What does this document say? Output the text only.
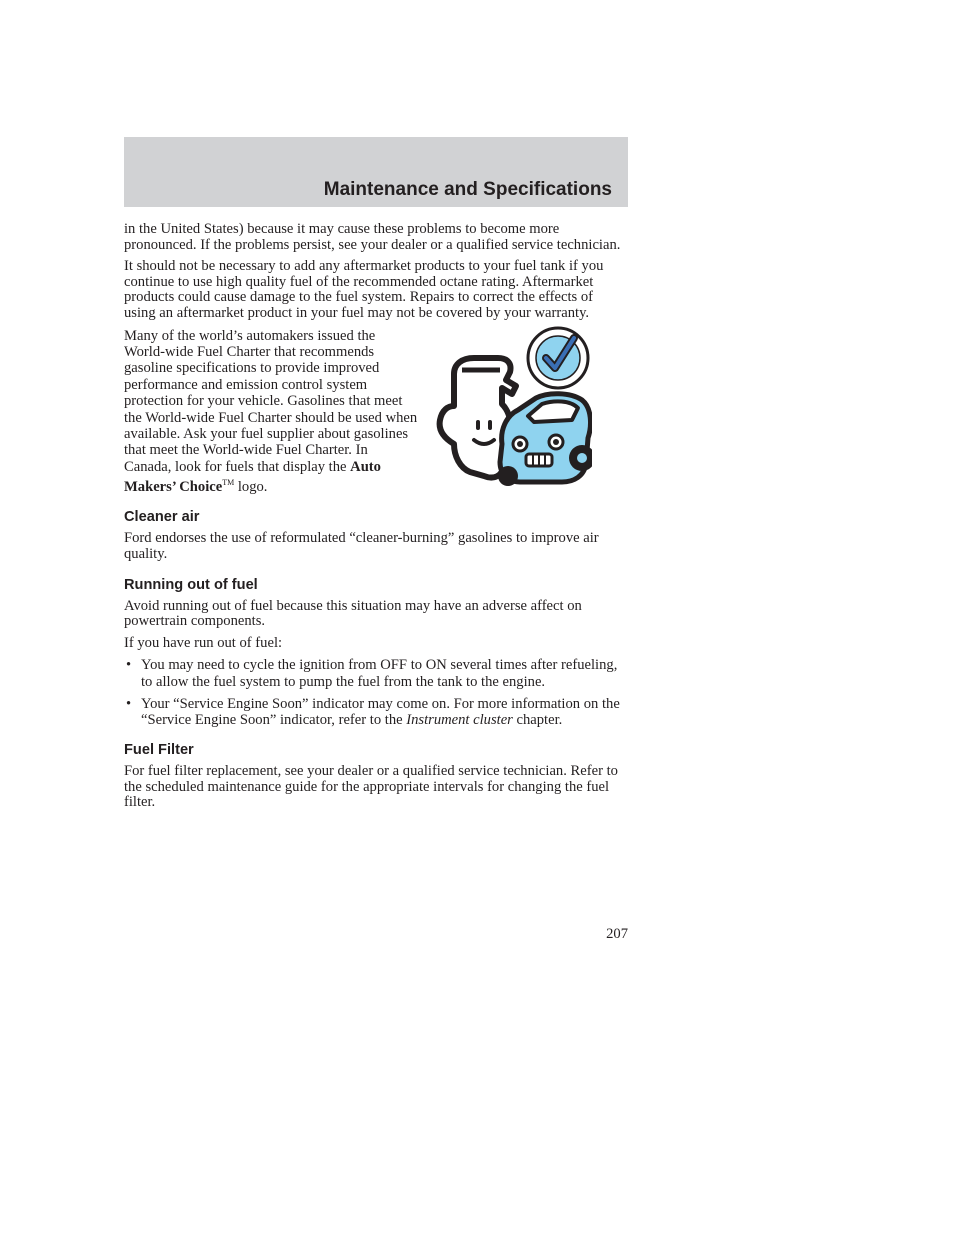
Maintenance and Specifications

in the United States) because it may cause these problems to become more pronounced. If the problems persist, see your dealer or a qualified service technician.

It should not be necessary to add any aftermarket products to your fuel tank if you continue to use high quality fuel of the recommended octane rating. Aftermarket products could cause damage to the fuel system. Repairs to correct the effects of using an aftermarket product in your fuel may not be covered by your warranty.

Many of the world’s automakers issued the World-wide Fuel Charter that recommends gasoline specifications to provide improved performance and emission control system protection for your vehicle. Gasolines that meet the World-wide Fuel Charter should be used when available. Ask your fuel supplier about gasolines that meet the World-wide Fuel Charter. In Canada, look for fuels that display the Auto Makers’ Choice™ logo.

Cleaner air

Ford endorses the use of reformulated “cleaner-burning” gasolines to improve air quality.

Running out of fuel

Avoid running out of fuel because this situation may have an adverse affect on powertrain components.

If you have run out of fuel:

• You may need to cycle the ignition from OFF to ON several times after refueling, to allow the fuel system to pump the fuel from the tank to the engine.
• Your “Service Engine Soon” indicator may come on. For more information on the “Service Engine Soon” indicator, refer to the Instrument cluster chapter.
Fuel Filter

For fuel filter replacement, see your dealer or a qualified service technician. Refer to the scheduled maintenance guide for the appropriate intervals for changing the fuel filter.

207
